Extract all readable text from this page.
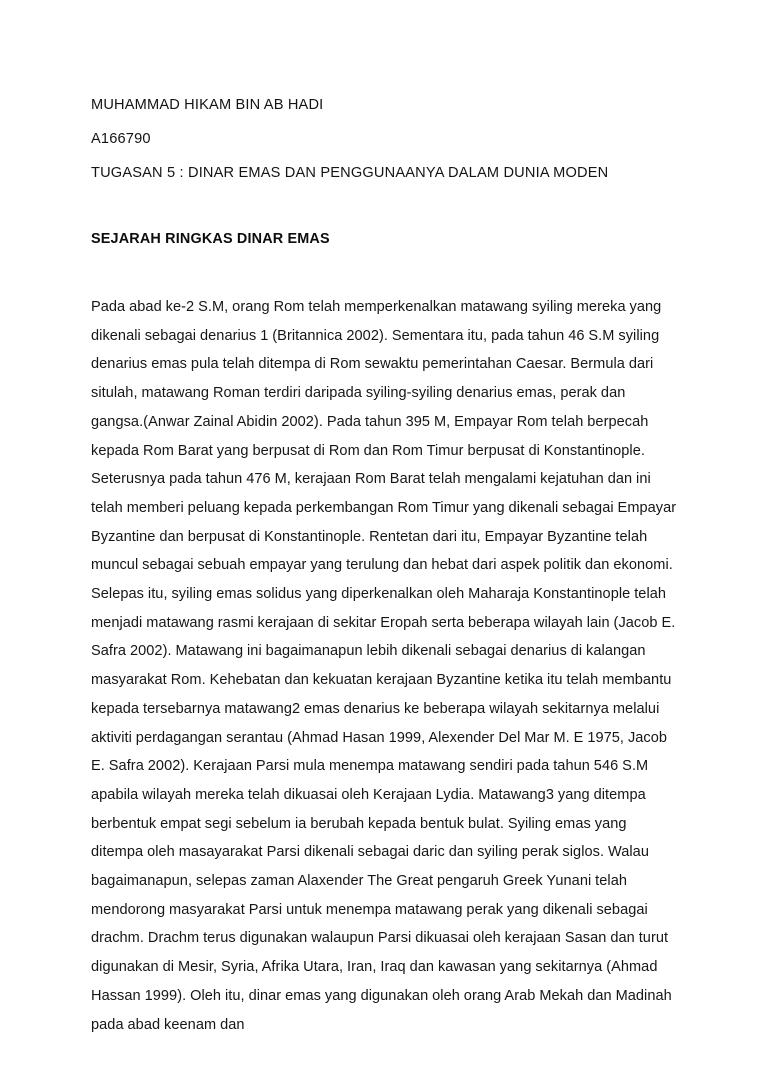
MUHAMMAD HIKAM BIN AB HADI
A166790
TUGASAN 5 : DINAR EMAS DAN PENGGUNAANYA DALAM DUNIA MODEN
SEJARAH RINGKAS DINAR EMAS

Pada abad ke-2 S.M, orang Rom telah memperkenalkan matawang syiling mereka yang dikenali sebagai denarius 1 (Britannica 2002). Sementara itu, pada tahun 46 S.M syiling denarius emas pula telah ditempa di Rom sewaktu pemerintahan Caesar. Bermula dari situlah, matawang Roman terdiri daripada syiling-syiling denarius emas, perak dan gangsa.(Anwar Zainal Abidin 2002). Pada tahun 395 M, Empayar Rom telah berpecah kepada Rom Barat yang berpusat di Rom dan Rom Timur berpusat di Konstantinople. Seterusnya pada tahun 476 M, kerajaan Rom Barat telah mengalami kejatuhan dan ini telah memberi peluang kepada perkembangan Rom Timur yang dikenali sebagai Empayar Byzantine dan berpusat di Konstantinople. Rentetan dari itu, Empayar Byzantine telah muncul sebagai sebuah empayar yang terulung dan hebat dari aspek politik dan ekonomi. Selepas itu, syiling emas solidus yang diperkenalkan oleh Maharaja Konstantinople telah menjadi matawang rasmi kerajaan di sekitar Eropah serta beberapa wilayah lain (Jacob E. Safra 2002). Matawang ini bagaimanapun lebih dikenali sebagai denarius di kalangan masyarakat Rom. Kehebatan dan kekuatan kerajaan Byzantine ketika itu telah membantu kepada tersebarnya matawang2 emas denarius ke beberapa wilayah sekitarnya melalui aktiviti perdagangan serantau (Ahmad Hasan 1999, Alexender Del Mar M. E 1975, Jacob E. Safra 2002). Kerajaan Parsi mula menempa matawang sendiri pada tahun 546 S.M apabila wilayah mereka telah dikuasai oleh Kerajaan Lydia. Matawang3 yang ditempa berbentuk empat segi sebelum ia berubah kepada bentuk bulat. Syiling emas yang ditempa oleh masayarakat Parsi dikenali sebagai daric dan syiling perak siglos. Walau bagaimanapun, selepas zaman Alaxender The Great pengaruh Greek Yunani telah mendorong masyarakat Parsi untuk menempa matawang perak yang dikenali sebagai drachm. Drachm terus digunakan walaupun Parsi dikuasai oleh kerajaan Sasan dan turut digunakan di Mesir, Syria, Afrika Utara, Iran, Iraq dan kawasan yang sekitarnya (Ahmad Hassan 1999). Oleh itu, dinar emas yang digunakan oleh orang Arab Mekah dan Madinah pada abad keenam dan
